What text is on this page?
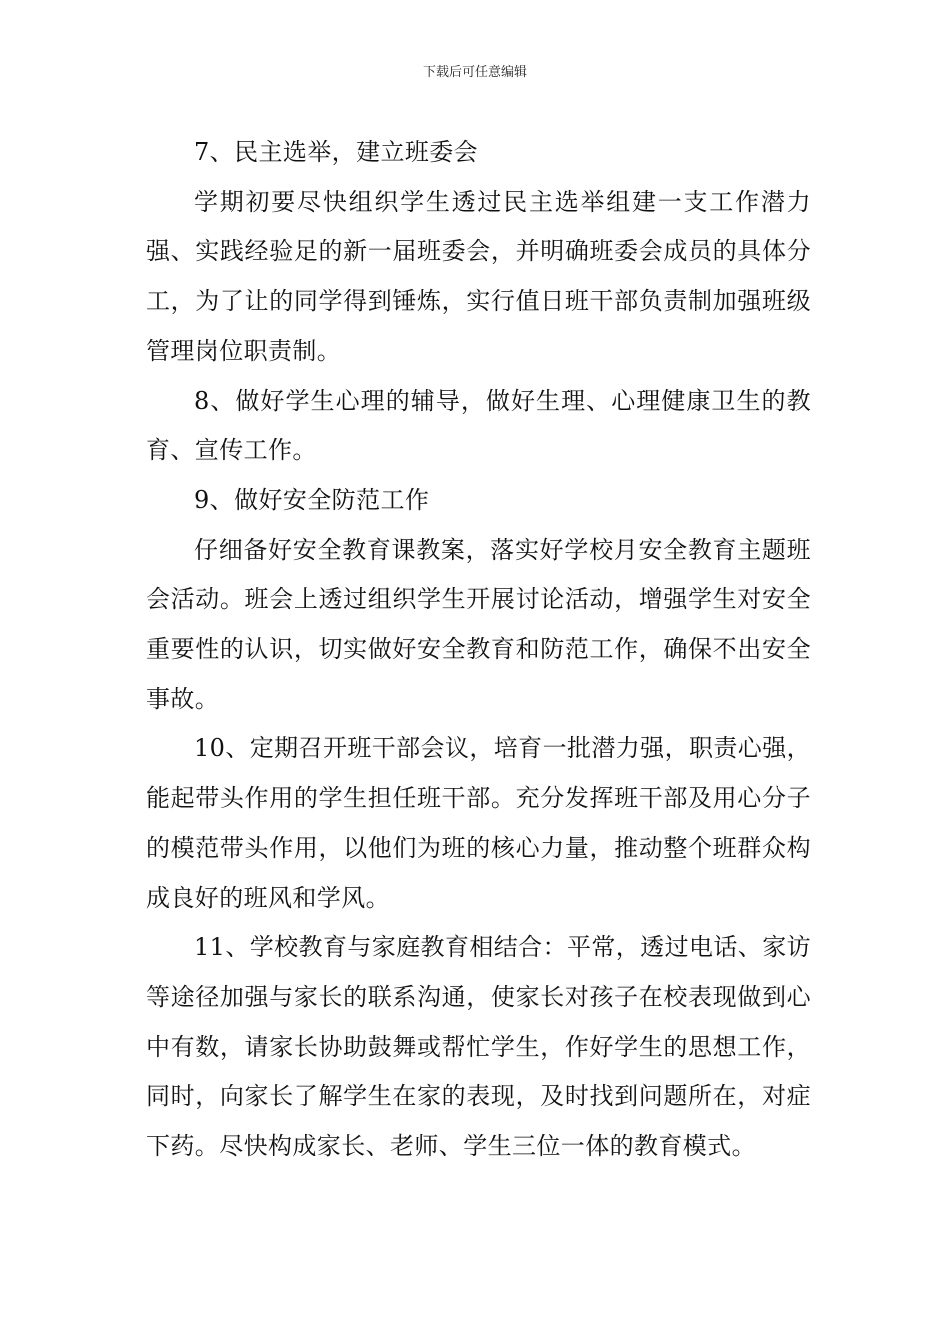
下载后可任意编辑

7、民主选举，建立班委会

学期初要尽快组织学生透过民主选举组建一支工作潜力强、实践经验足的新一届班委会，并明确班委会成员的具体分工，为了让的同学得到锤炼，实行值日班干部负责制加强班级管理岗位职责制。

8、做好学生心理的辅导，做好生理、心理健康卫生的教育、宣传工作。

9、做好安全防范工作

仔细备好安全教育课教案，落实好学校月安全教育主题班会活动。班会上透过组织学生开展讨论活动，增强学生对安全重要性的认识，切实做好安全教育和防范工作，确保不出安全事故。

10、定期召开班干部会议，培育一批潜力强，职责心强，能起带头作用的学生担任班干部。充分发挥班干部及用心分子的模范带头作用，以他们为班的核心力量，推动整个班群众构成良好的班风和学风。

11、学校教育与家庭教育相结合：平常，透过电话、家访等途径加强与家长的联系沟通，使家长对孩子在校表现做到心中有数，请家长协助鼓舞或帮忙学生，作好学生的思想工作，同时，向家长了解学生在家的表现，及时找到问题所在，对症下药。尽快构成家长、老师、学生三位一体的教育模式。
